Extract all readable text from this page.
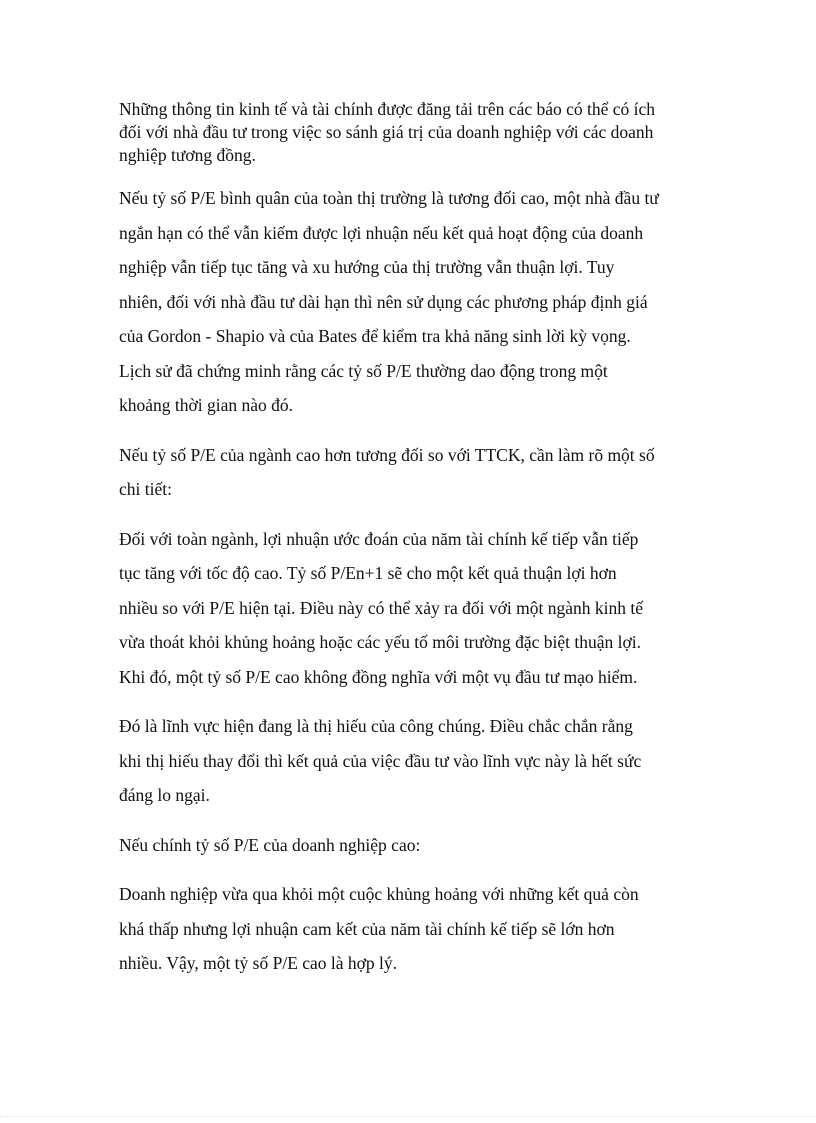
Những thông tin kinh tế và tài chính được đăng tải trên các báo có thể có ích
đối với nhà đầu tư trong việc so sánh giá trị của doanh nghiệp với các doanh
nghiệp tương đồng.
Nếu tỷ số P/E bình quân của toàn thị trường là tương đối cao, một nhà đầu tư
ngắn hạn có thể vẫn kiếm được lợi nhuận nếu kết quả hoạt động của doanh
nghiệp vẫn tiếp tục tăng và xu hướng của thị trường vẫn thuận lợi. Tuy
nhiên, đối với nhà đầu tư dài hạn thì nên sử dụng các phương pháp định giá
của Gordon - Shapio và của Bates để kiểm tra khả năng sinh lời kỳ vọng.
Lịch sử đã chứng minh rằng các tỷ số P/E thường dao động trong một
khoảng thời gian nào đó.
Nếu tỷ số P/E của ngành cao hơn tương đối so với TTCK, cần làm rõ một số
chi tiết:
Đối với toàn ngành, lợi nhuận ước đoán của năm tài chính kế tiếp vẫn tiếp
tục tăng với tốc độ cao. Tỷ số P/En+1 sẽ cho một kết quả thuận lợi hơn
nhiều so với P/E hiện tại. Điều này có thể xảy ra đối với một ngành kinh tế
vừa thoát khỏi khủng hoảng hoặc các yếu tố môi trường đặc biệt thuận lợi.
Khi đó, một tỷ số P/E cao không đồng nghĩa với một vụ đầu tư mạo hiểm.
Đó là lĩnh vực hiện đang là thị hiếu của công chúng. Điều chắc chắn rằng
khi thị hiếu thay đổi thì kết quả của việc đầu tư vào lĩnh vực này là hết sức
đáng lo ngại.
Nếu chính tỷ số P/E của doanh nghiệp cao:
Doanh nghiệp vừa qua khỏi một cuộc khủng hoảng với những kết quả còn
khá thấp nhưng lợi nhuận cam kết của năm tài chính kế tiếp sẽ lớn hơn
nhiều. Vậy, một tỷ số P/E cao là hợp lý.
